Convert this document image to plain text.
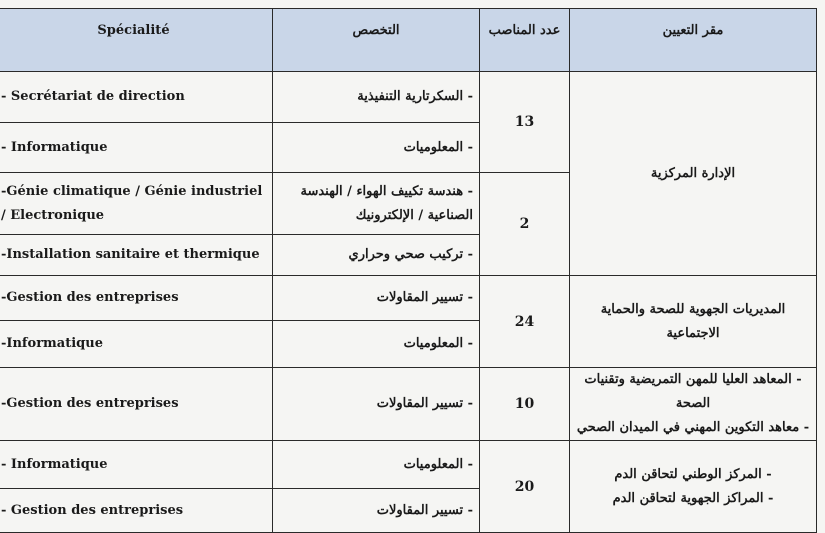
Spécialité	التخصص	عدد المناصب	مقر التعيين
- Secrétariat de direction	- السكرتارية التنفيذية	13	الإدارة المركزية
- Informatique	- المعلوميات		
-Génie climatique / Génie industriel / Electronique	- هندسة تكييف الهواء / الهندسة الصناعية / الإلكترونيك	2	
-Installation sanitaire et thermique	- تركيب صحي وحراري		
-Gestion des entreprises	- تسيير المقاولات	24	المديريات الجهوية للصحة والحماية الاجتماعية
-Informatique	- المعلوميات		
-Gestion des entreprises	- تسيير المقاولات	10	- المعاهد العليا للمهن التمريضية وتقنيات الصحة
- معاهد التكوين المهني في الميدان الصحي

- Informatique	- المعلوميات	20	- المركز الوطني لتحاقن الدم
- المراكز الجهوية لتحاقن الدم

- Gestion des entreprises	- تسيير المقاولات		
